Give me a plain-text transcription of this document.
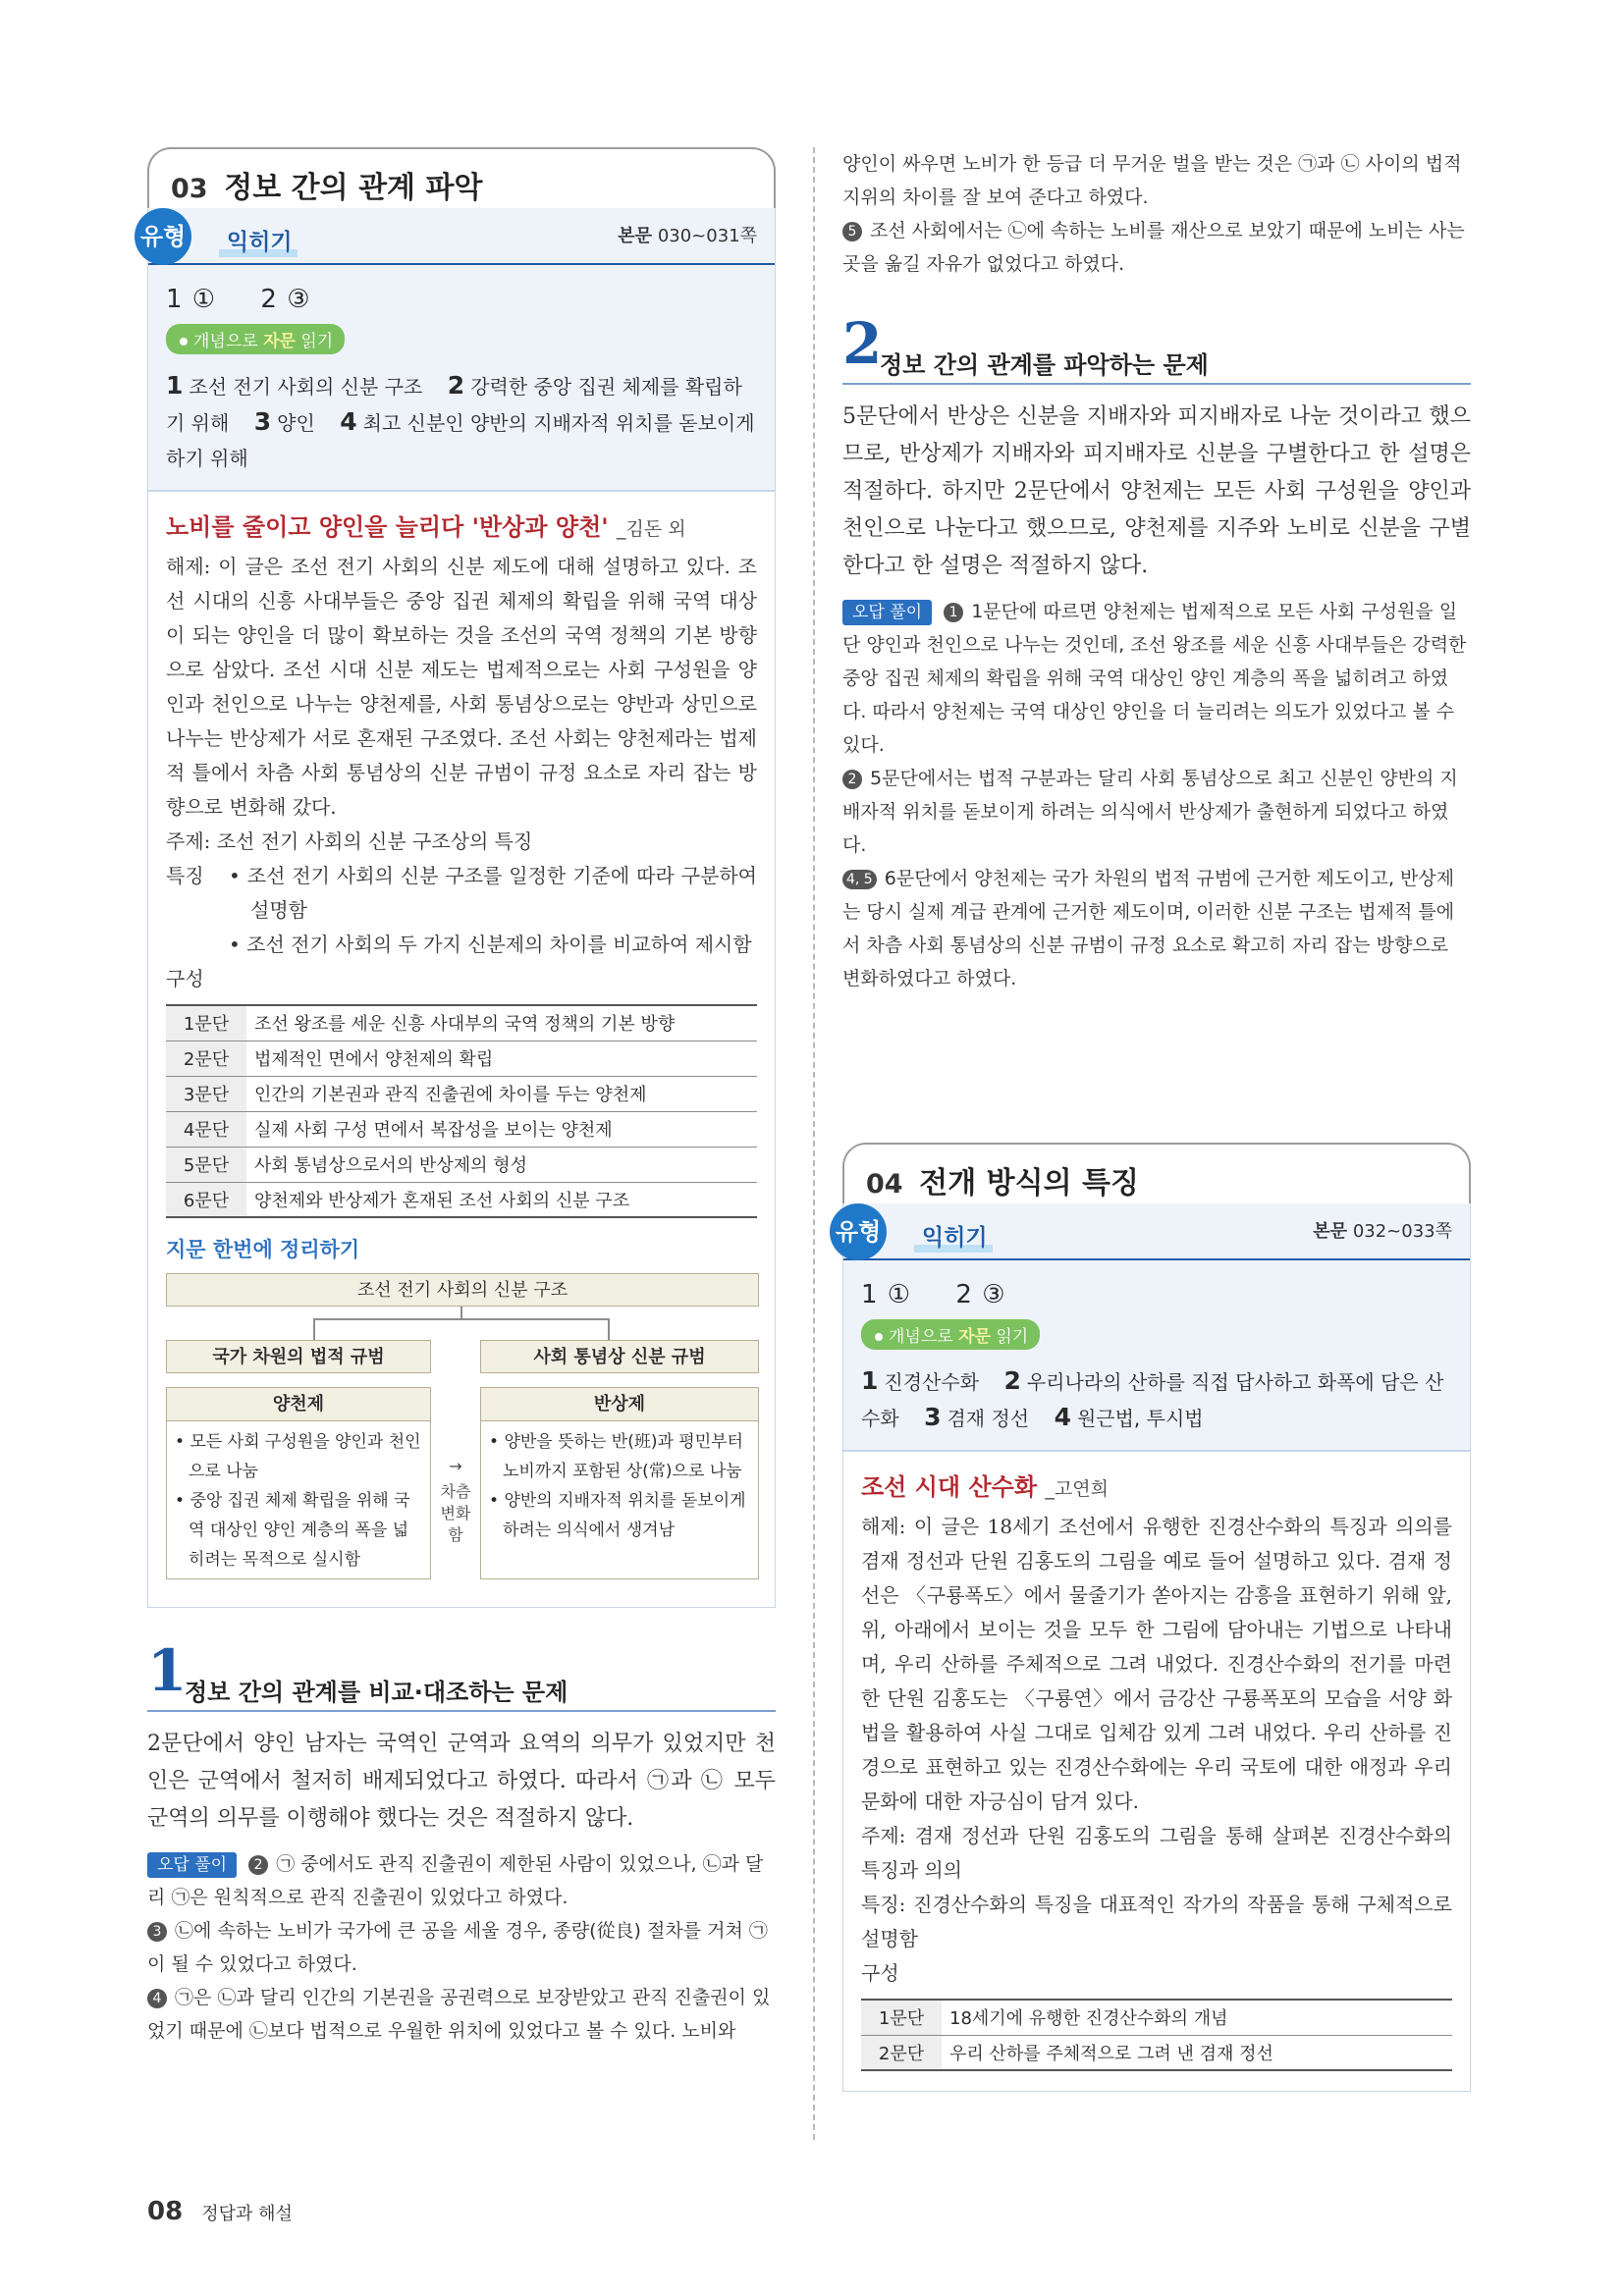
03 정보 간의 관계 파악
유형 익히기	본문 030~031쪽
1 ① 2 ③
개념으로 자문 읽기
1 조선 전기 사회의 신분 구조 2 강력한 중앙 집권 체제를 확립하기 위해 3 양인 4 최고 신분인 양반의 지배자적 위치를 돋보이게 하기 위해
노비를 줄이고 양인을 늘리다 '반상과 양천' _김돈 외
해제: 이 글은 조선 전기 사회의 신분 제도에 대해 설명하고 있다. 조선 시대의 신흥 사대부들은 중앙 집권 체제의 확립을 위해 국역 대상이 되는 양인을 더 많이 확보하는 것을 조선의 국역 정책의 기본 방향으로 삼았다. 조선 시대 신분 제도는 법제적으로는 사회 구성원을 양인과 천인으로 나누는 양천제를, 사회 통념상으로는 양반과 상민으로 나누는 반상제가 서로 혼재된 구조였다. 조선 사회는 양천제라는 법제적 틀에서 차츰 사회 통념상의 신분 규범이 규정 요소로 자리 잡는 방향으로 변화해 갔다.
주제: 조선 전기 사회의 신분 구조상의 특징
특징	• 조선 전기 사회의 신분 구조를 일정한 기준에 따라 구분하여 설명함
• 조선 전기 사회의 두 가지 신분제의 차이를 비교하여 제시함
구성
1문단	조선 왕조를 세운 신흥 사대부의 국역 정책의 기본 방향
2문단	법제적인 면에서 양천제의 확립
3문단	인간의 기본권과 관직 진출권에 차이를 두는 양천제
4문단	실제 사회 구성 면에서 복잡성을 보이는 양천제
5문단	사회 통념상으로서의 반상제의 형성
6문단	양천제와 반상제가 혼재된 조선 사회의 신분 구조
지문 한번에 정리하기
조선 전기 사회의 신분 구조
국가 차원의 법적 규범	사회 통념상 신분 규범
양천제
• 모든 사회 구성원을 양인과 천인으로 나눔
• 중앙 집권 체제 확립을 위해 국역 대상인 양인 계층의 폭을 넓히려는 목적으로 실시함
→
차츰 변화함
반상제
• 양반을 뜻하는 반(班)과 평민부터 노비까지 포함된 상(常)으로 나눔
• 양반의 지배자적 위치를 돋보이게 하려는 의식에서 생겨남
1
정보 간의 관계를 비교·대조하는 문제
2문단에서 양인 남자는 국역인 군역과 요역의 의무가 있었지만 천인은 군역에서 철저히 배제되었다고 하였다. 따라서 ㉠과 ㉡ 모두 군역의 의무를 이행해야 했다는 것은 적절하지 않다.
오답 풀이 2 ㉠ 중에서도 관직 진출권이 제한된 사람이 있었으나, ㉡과 달리 ㉠은 원칙적으로 관직 진출권이 있었다고 하였다.
3 ㉡에 속하는 노비가 국가에 큰 공을 세울 경우, 종량(從良) 절차를 거쳐 ㉠이 될 수 있었다고 하였다.
4 ㉠은 ㉡과 달리 인간의 기본권을 공권력으로 보장받았고 관직 진출권이 있었기 때문에 ㉡보다 법적으로 우월한 위치에 있었다고 볼 수 있다. 노비와
양인이 싸우면 노비가 한 등급 더 무거운 벌을 받는 것은 ㉠과 ㉡ 사이의 법적 지위의 차이를 잘 보여 준다고 하였다.
5 조선 사회에서는 ㉡에 속하는 노비를 재산으로 보았기 때문에 노비는 사는 곳을 옮길 자유가 없었다고 하였다.
2
정보 간의 관계를 파악하는 문제
5문단에서 반상은 신분을 지배자와 피지배자로 나눈 것이라고 했으므로, 반상제가 지배자와 피지배자로 신분을 구별한다고 한 설명은 적절하다. 하지만 2문단에서 양천제는 모든 사회 구성원을 양인과 천인으로 나눈다고 했으므로, 양천제를 지주와 노비로 신분을 구별한다고 한 설명은 적절하지 않다.
오답 풀이 1 1문단에 따르면 양천제는 법제적으로 모든 사회 구성원을 일단 양인과 천인으로 나누는 것인데, 조선 왕조를 세운 신흥 사대부들은 강력한 중앙 집권 체제의 확립을 위해 국역 대상인 양인 계층의 폭을 넓히려고 하였다. 따라서 양천제는 국역 대상인 양인을 더 늘리려는 의도가 있었다고 볼 수 있다.
2 5문단에서는 법적 구분과는 달리 사회 통념상으로 최고 신분인 양반의 지배자적 위치를 돋보이게 하려는 의식에서 반상제가 출현하게 되었다고 하였다.
4, 5 6문단에서 양천제는 국가 차원의 법적 규범에 근거한 제도이고, 반상제는 당시 실제 계급 관계에 근거한 제도이며, 이러한 신분 구조는 법제적 틀에서 차츰 사회 통념상의 신분 규범이 규정 요소로 확고히 자리 잡는 방향으로 변화하였다고 하였다.
04 전개 방식의 특징
유형 익히기	본문 032~033쪽
1 ① 2 ③
개념으로 자문 읽기
1 진경산수화 2 우리나라의 산하를 직접 답사하고 화폭에 담은 산수화 3 겸재 정선 4 원근법, 투시법
조선 시대 산수화 _고연희
해제: 이 글은 18세기 조선에서 유행한 진경산수화의 특징과 의의를 겸재 정선과 단원 김홍도의 그림을 예로 들어 설명하고 있다. 겸재 정선은 〈구룡폭도〉에서 물줄기가 쏟아지는 감흥을 표현하기 위해 앞, 위, 아래에서 보이는 것을 모두 한 그림에 담아내는 기법으로 나타내며, 우리 산하를 주체적으로 그려 내었다. 진경산수화의 전기를 마련한 단원 김홍도는 〈구룡연〉에서 금강산 구룡폭포의 모습을 서양 화법을 활용하여 사실 그대로 입체감 있게 그려 내었다. 우리 산하를 진경으로 표현하고 있는 진경산수화에는 우리 국토에 대한 애정과 우리 문화에 대한 자긍심이 담겨 있다.
주제: 겸재 정선과 단원 김홍도의 그림을 통해 살펴본 진경산수화의 특징과 의의
특징: 진경산수화의 특징을 대표적인 작가의 작품을 통해 구체적으로 설명함
구성
1문단	18세기에 유행한 진경산수화의 개념
2문단	우리 산하를 주체적으로 그려 낸 겸재 정선
08 정답과 해설
